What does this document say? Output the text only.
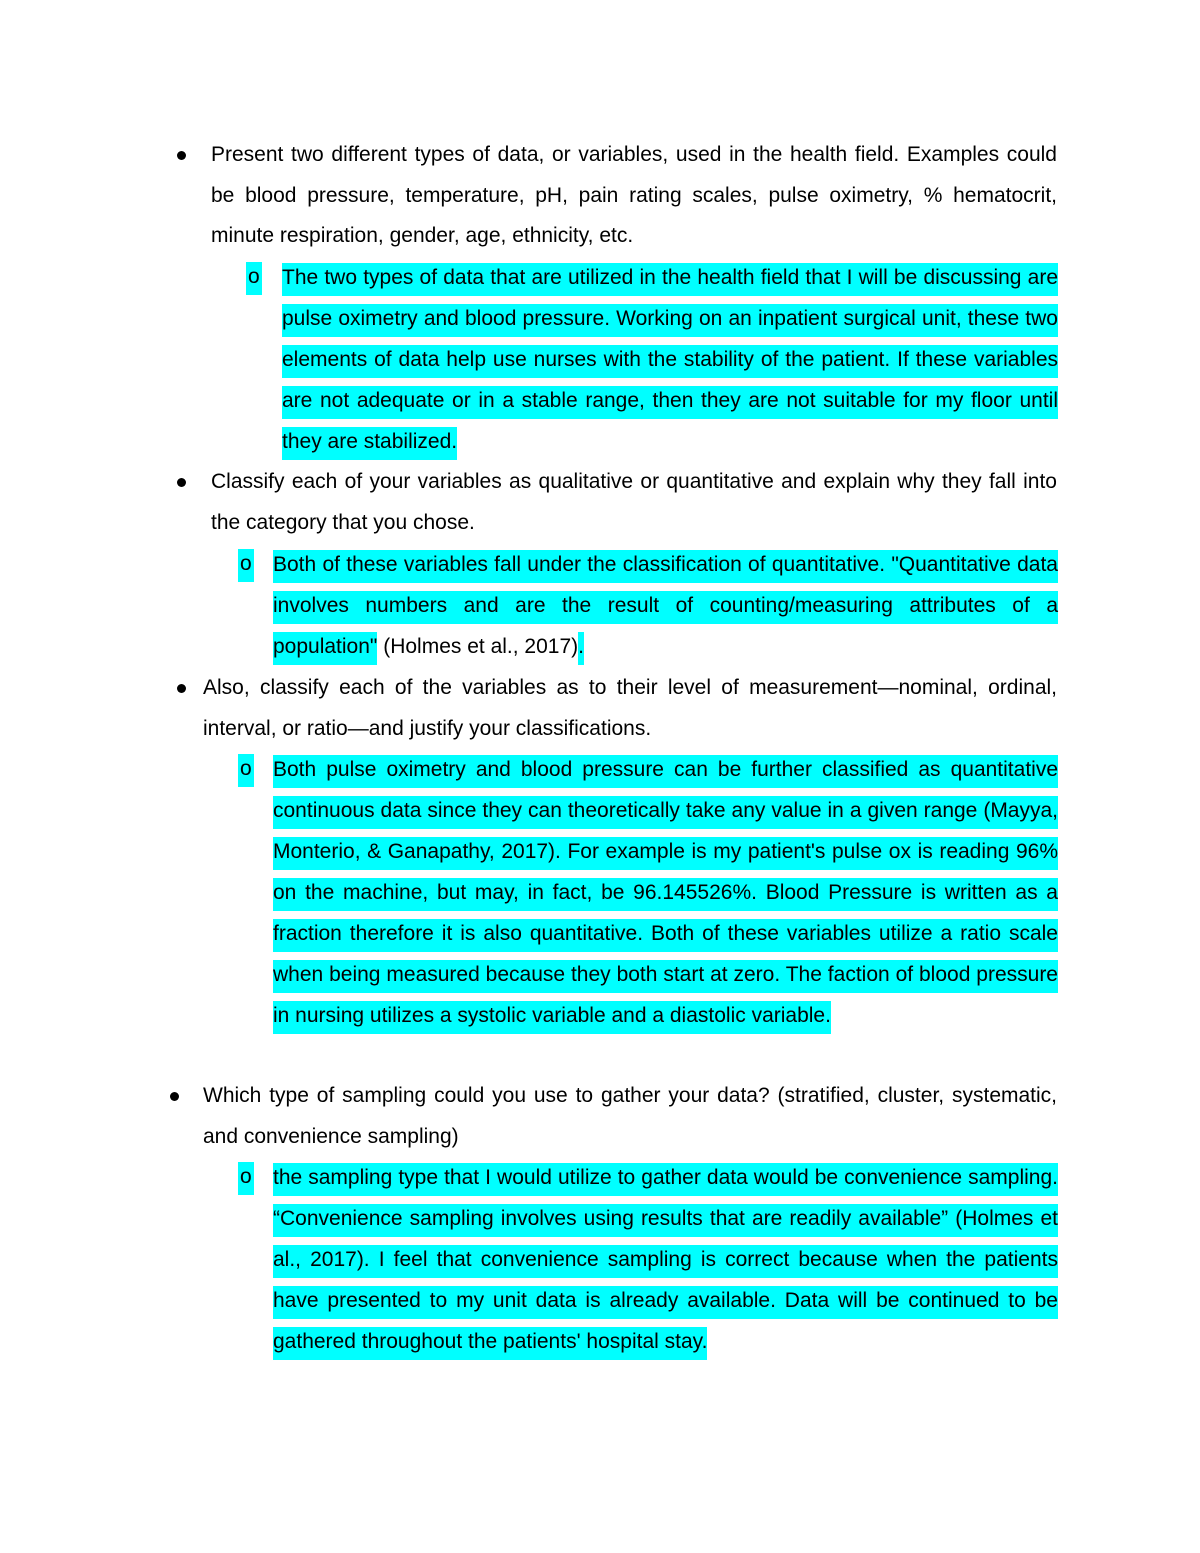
Present two different types of data, or variables, used in the health field. Examples could be blood pressure, temperature, pH, pain rating scales, pulse oximetry, % hematocrit, minute respiration, gender, age, ethnicity, etc.
o The two types of data that are utilized in the health field that I will be discussing are pulse oximetry and blood pressure. Working on an inpatient surgical unit, these two elements of data help use nurses with the stability of the patient. If these variables are not adequate or in a stable range, then they are not suitable for my floor until they are stabilized.
Classify each of your variables as qualitative or quantitative and explain why they fall into the category that you chose.
o Both of these variables fall under the classification of quantitative. "Quantitative data involves numbers and are the result of counting/measuring attributes of a population" (Holmes et al., 2017).
Also, classify each of the variables as to their level of measurement—nominal, ordinal, interval, or ratio—and justify your classifications.
o Both pulse oximetry and blood pressure can be further classified as quantitative continuous data since they can theoretically take any value in a given range (Mayya, Monterio, & Ganapathy, 2017). For example is my patient's pulse ox is reading 96% on the machine, but may, in fact, be 96.145526%. Blood Pressure is written as a fraction therefore it is also quantitative. Both of these variables utilize a ratio scale when being measured because they both start at zero. The faction of blood pressure in nursing utilizes a systolic variable and a diastolic variable.
Which type of sampling could you use to gather your data? (stratified, cluster, systematic, and convenience sampling)
o the sampling type that I would utilize to gather data would be convenience sampling. “Convenience sampling involves using results that are readily available” (Holmes et al., 2017). I feel that convenience sampling is correct because when the patients have presented to my unit data is already available. Data will be continued to be gathered throughout the patients' hospital stay.
